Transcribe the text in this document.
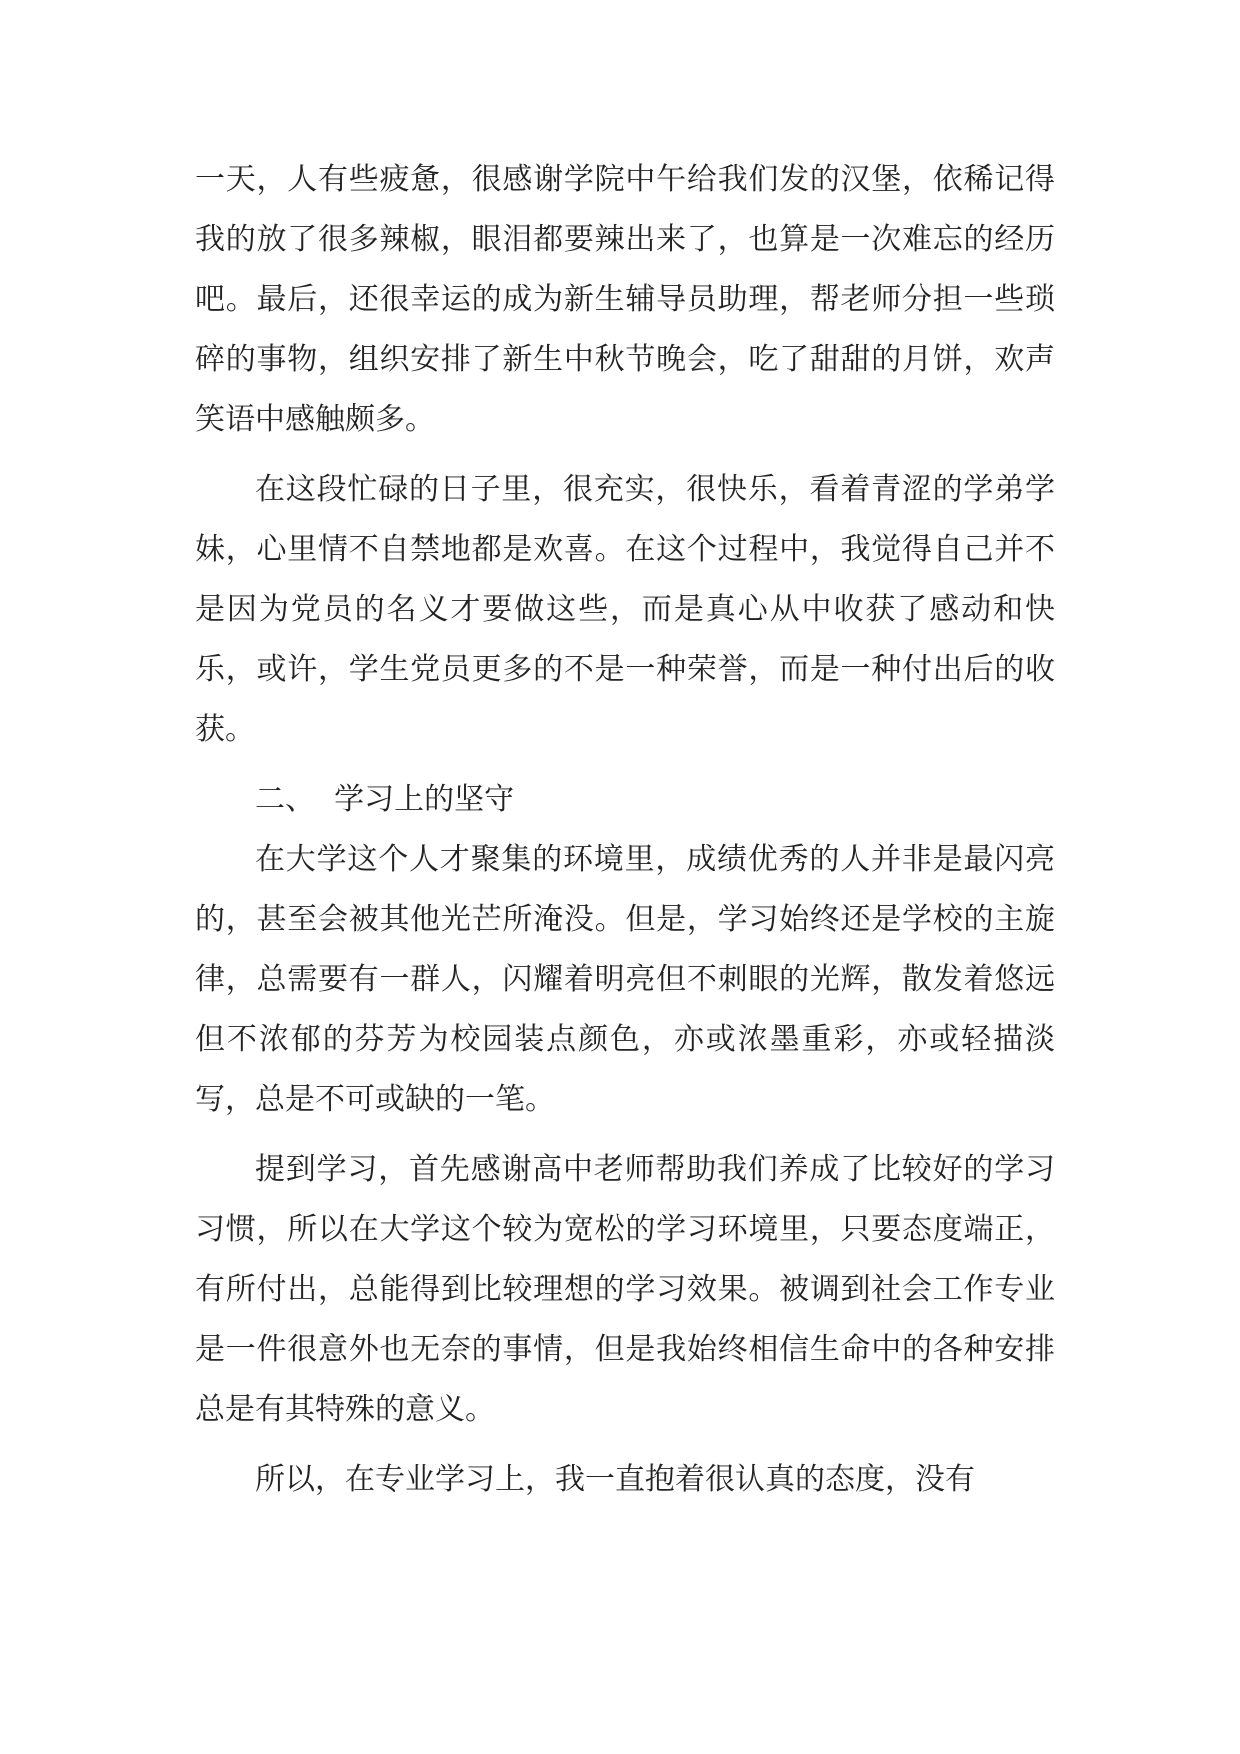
一天，人有些疲惫，很感谢学院中午给我们发的汉堡，依稀记得我的放了很多辣椒，眼泪都要辣出来了，也算是一次难忘的经历吧。最后，还很幸运的成为新生辅导员助理，帮老师分担一些琐碎的事物，组织安排了新生中秋节晚会，吃了甜甜的月饼，欢声笑语中感触颇多。

在这段忙碌的日子里，很充实，很快乐，看着青涩的学弟学妹，心里情不自禁地都是欢喜。在这个过程中，我觉得自己并不是因为党员的名义才要做这些，而是真心从中收获了感动和快乐，或许，学生党员更多的不是一种荣誉，而是一种付出后的收获。

二、 学习上的坚守

在大学这个人才聚集的环境里，成绩优秀的人并非是最闪亮的，甚至会被其他光芒所淹没。但是，学习始终还是学校的主旋律，总需要有一群人，闪耀着明亮但不刺眼的光辉，散发着悠远但不浓郁的芬芳为校园装点颜色，亦或浓墨重彩，亦或轻描淡写，总是不可或缺的一笔。

提到学习，首先感谢高中老师帮助我们养成了比较好的学习习惯，所以在大学这个较为宽松的学习环境里，只要态度端正，有所付出，总能得到比较理想的学习效果。被调到社会工作专业是一件很意外也无奈的事情，但是我始终相信生命中的各种安排总是有其特殊的意义。

所以，在专业学习上，我一直抱着很认真的态度，没有
